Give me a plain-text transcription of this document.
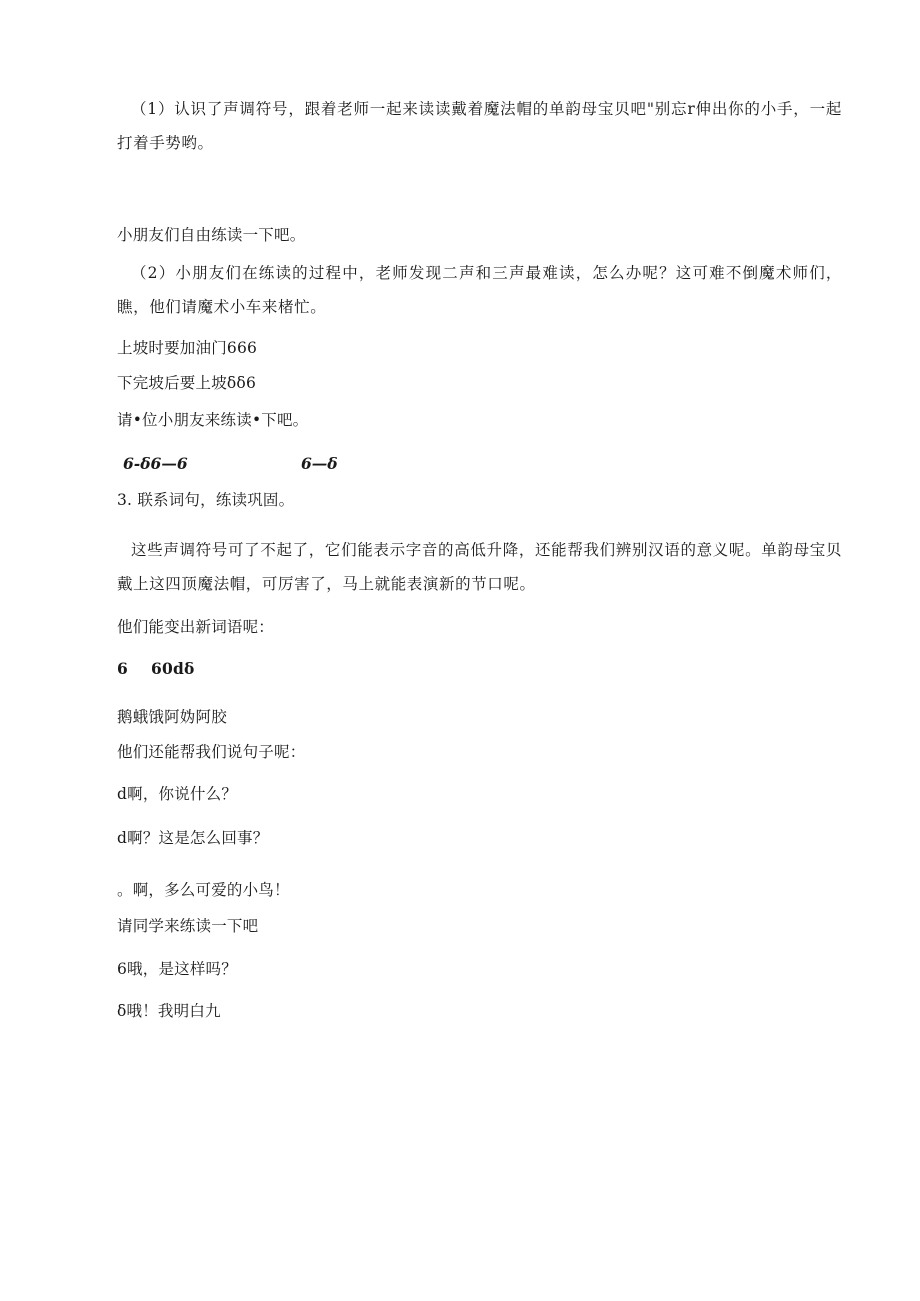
（1）认识了声调符号，跟着老师一起来读读戴着魔法帽的单韵母宝贝吧"别忘r伸出你的小手，一起打着手势哟。
小朋友们自由练读一下吧。
（2）小朋友们在练读的过程中，老师发现二声和三声最难读，怎么办呢？这可难不倒魔术师们，瞧，他们请魔术小车来楮忙。
上坡时要加油门666
下完坡后要上坡δδ6
请•位小朋友来练读•下吧。
6-δ6—6	6—δ
3. 联系词句，练读巩固。
这些声调符号可了不起了，它们能表示字音的高低升降，还能帮我们辨别汉语的意义呢。单韵母宝贝戴上这四顶魔法帽，可厉害了，马上就能表演新的节口呢。
他们能变出新词语呢：
6 60dδ
鹅蛾饿阿妫阿胶
他们还能帮我们说句子呢：
d啊，你说什么？
d啊？这是怎么回事？
。啊，多么可爱的小鸟！
请同学来练读一下吧
6哦，是这样吗？
δ哦！我明白九
